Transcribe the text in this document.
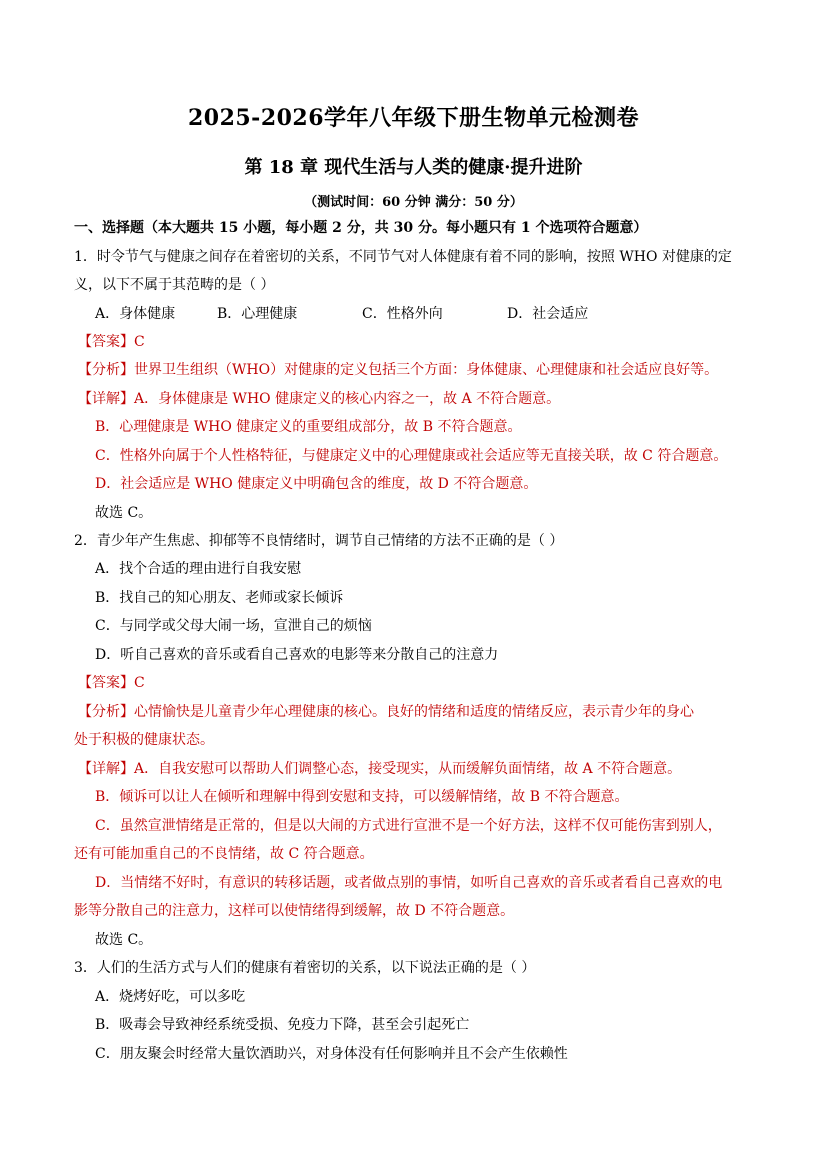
2025-2026学年八年级下册生物单元检测卷
第 18 章 现代生活与人类的健康·提升进阶
（测试时间：60 分钟 满分：50 分）
一、选择题（本大题共 15 小题，每小题 2 分，共 30 分。每小题只有 1 个选项符合题意）
1．时令节气与健康之间存在着密切的关系，不同节气对人体健康有着不同的影响，按照 WHO 对健康的定
义，以下不属于其范畴的是（ ）
A．身体健康	B．心理健康	C．性格外向	D．社会适应
【答案】C
【分析】世界卫生组织（WHO）对健康的定义包括三个方面：身体健康、心理健康和社会适应良好等。
【详解】A．身体健康是 WHO 健康定义的核心内容之一，故 A 不符合题意。
B．心理健康是 WHO 健康定义的重要组成部分，故 B 不符合题意。
C．性格外向属于个人性格特征，与健康定义中的心理健康或社会适应等无直接关联，故 C 符合题意。
D．社会适应是 WHO 健康定义中明确包含的维度，故 D 不符合题意。
故选 C。
2．青少年产生焦虑、抑郁等不良情绪时，调节自己情绪的方法不正确的是（ ）
A．找个合适的理由进行自我安慰
B．找自己的知心朋友、老师或家长倾诉
C．与同学或父母大闹一场，宣泄自己的烦恼
D．听自己喜欢的音乐或看自己喜欢的电影等来分散自己的注意力
【答案】C
【分析】心情愉快是儿童青少年心理健康的核心。良好的情绪和适度的情绪反应，表示青少年的身心
处于积极的健康状态。
【详解】A．自我安慰可以帮助人们调整心态，接受现实，从而缓解负面情绪，故 A 不符合题意。
B．倾诉可以让人在倾听和理解中得到安慰和支持，可以缓解情绪，故 B 不符合题意。
C．虽然宣泄情绪是正常的，但是以大闹的方式进行宣泄不是一个好方法，这样不仅可能伤害到别人，
还有可能加重自己的不良情绪，故 C 符合题意。
D．当情绪不好时，有意识的转移话题，或者做点别的事情，如听自己喜欢的音乐或者看自己喜欢的电
影等分散自己的注意力，这样可以使情绪得到缓解，故 D 不符合题意。
故选 C。
3．人们的生活方式与人们的健康有着密切的关系，以下说法正确的是（ ）
A．烧烤好吃，可以多吃
B．吸毒会导致神经系统受损、免疫力下降，甚至会引起死亡
C．朋友聚会时经常大量饮酒助兴，对身体没有任何影响并且不会产生依赖性
